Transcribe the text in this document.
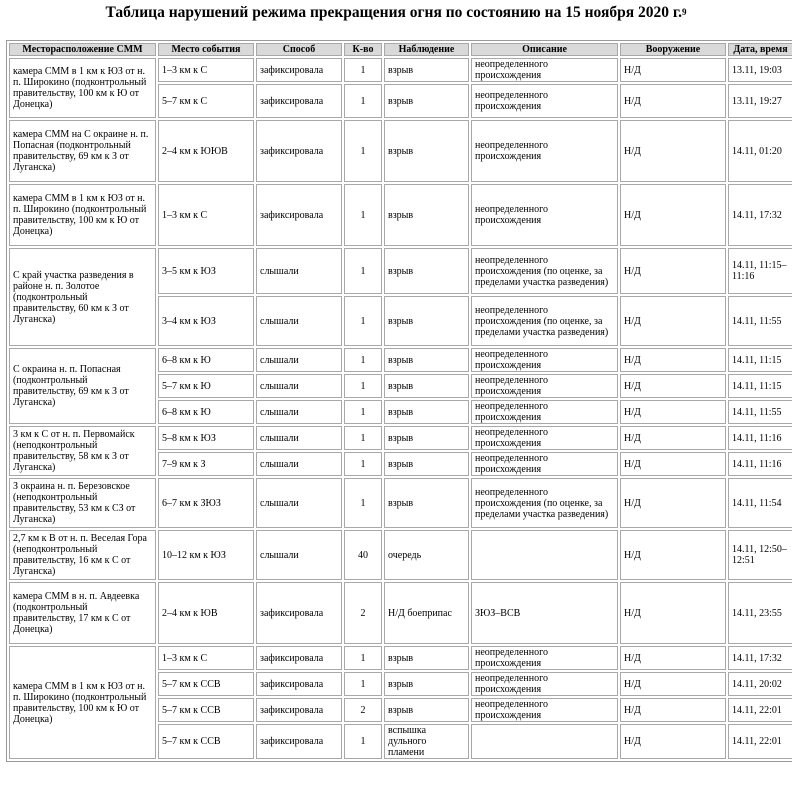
Таблица нарушений режима прекращения огня по состоянию на 15 ноября 2020 г.$^9$
Месторасположение СММ	Место события	Способ	К-во	Наблюдение	Описание	Вооружение	Дата, время
камера СММ в 1 км к ЮЗ от н. п. Широкино (подконтрольный правительству, 100 км к Ю от Донецка)	1–3 км к С	зафиксировала	1	взрыв	неопределенного происхождения	Н/Д	13.11, 19:03
	5–7 км к С	зафиксировала	1	взрыв	неопределенного происхождения	Н/Д	13.11, 19:27
камера СММ на С окраине н. п. Попасная (подконтрольный правительству, 69 км к З от Луганска)	2–4 км к ЮЮВ	зафиксировала	1	взрыв	неопределенного происхождения	Н/Д	14.11, 01:20
камера СММ в 1 км к ЮЗ от н. п. Широкино (подконтрольный правительству, 100 км к Ю от Донецка)	1–3 км к С	зафиксировала	1	взрыв	неопределенного происхождения	Н/Д	14.11, 17:32
С край участка разведения в районе н. п. Золотое (подконтрольный правительству, 60 км к З от Луганска)	3–5 км к ЮЗ	слышали	1	взрыв	неопределенного происхождения (по оценке, за пределами участка разведения)	Н/Д	14.11, 11:15–11:16
	3–4 км к ЮЗ	слышали	1	взрыв	неопределенного происхождения (по оценке, за пределами участка разведения)	Н/Д	14.11, 11:55
С окраина н. п. Попасная (подконтрольный правительству, 69 км к З от Луганска)	6–8 км к Ю	слышали	1	взрыв	неопределенного происхождения	Н/Д	14.11, 11:15
	5–7 км к Ю	слышали	1	взрыв	неопределенного происхождения	Н/Д	14.11, 11:15
	6–8 км к Ю	слышали	1	взрыв	неопределенного происхождения	Н/Д	14.11, 11:55
3 км к С от н. п. Первомайск (неподконтрольный правительству, 58 км к З от Луганска)	5–8 км к ЮЗ	слышали	1	взрыв	неопределенного происхождения	Н/Д	14.11, 11:16
	7–9 км к З	слышали	1	взрыв	неопределенного происхождения	Н/Д	14.11, 11:16
З окраина н. п. Березовское (неподконтрольный правительству, 53 км к СЗ от Луганска)	6–7 км к ЗЮЗ	слышали	1	взрыв	неопределенного происхождения (по оценке, за пределами участка разведения)	Н/Д	14.11, 11:54
2,7 км к В от н. п. Веселая Гора (неподконтрольный правительству, 16 км к С от Луганска)	10–12 км к ЮЗ	слышали	40	очередь		Н/Д	14.11, 12:50–12:51
камера СММ в н. п. Авдеевка (подконтрольный правительству, 17 км к С от Донецка)	2–4 км к ЮВ	зафиксировала	2	Н/Д боеприпас	ЗЮЗ–ВСВ	Н/Д	14.11, 23:55
камера СММ в 1 км к ЮЗ от н. п. Широкино (подконтрольный правительству, 100 км к Ю от Донецка)	1–3 км к С	зафиксировала	1	взрыв	неопределенного происхождения	Н/Д	14.11, 17:32
	5–7 км к ССВ	зафиксировала	1	взрыв	неопределенного происхождения	Н/Д	14.11, 20:02
	5–7 км к ССВ	зафиксировала	2	взрыв	неопределенного происхождения	Н/Д	14.11, 22:01
	5–7 км к ССВ	зафиксировала	1	вспышка дульного пламени		Н/Д	14.11, 22:01
